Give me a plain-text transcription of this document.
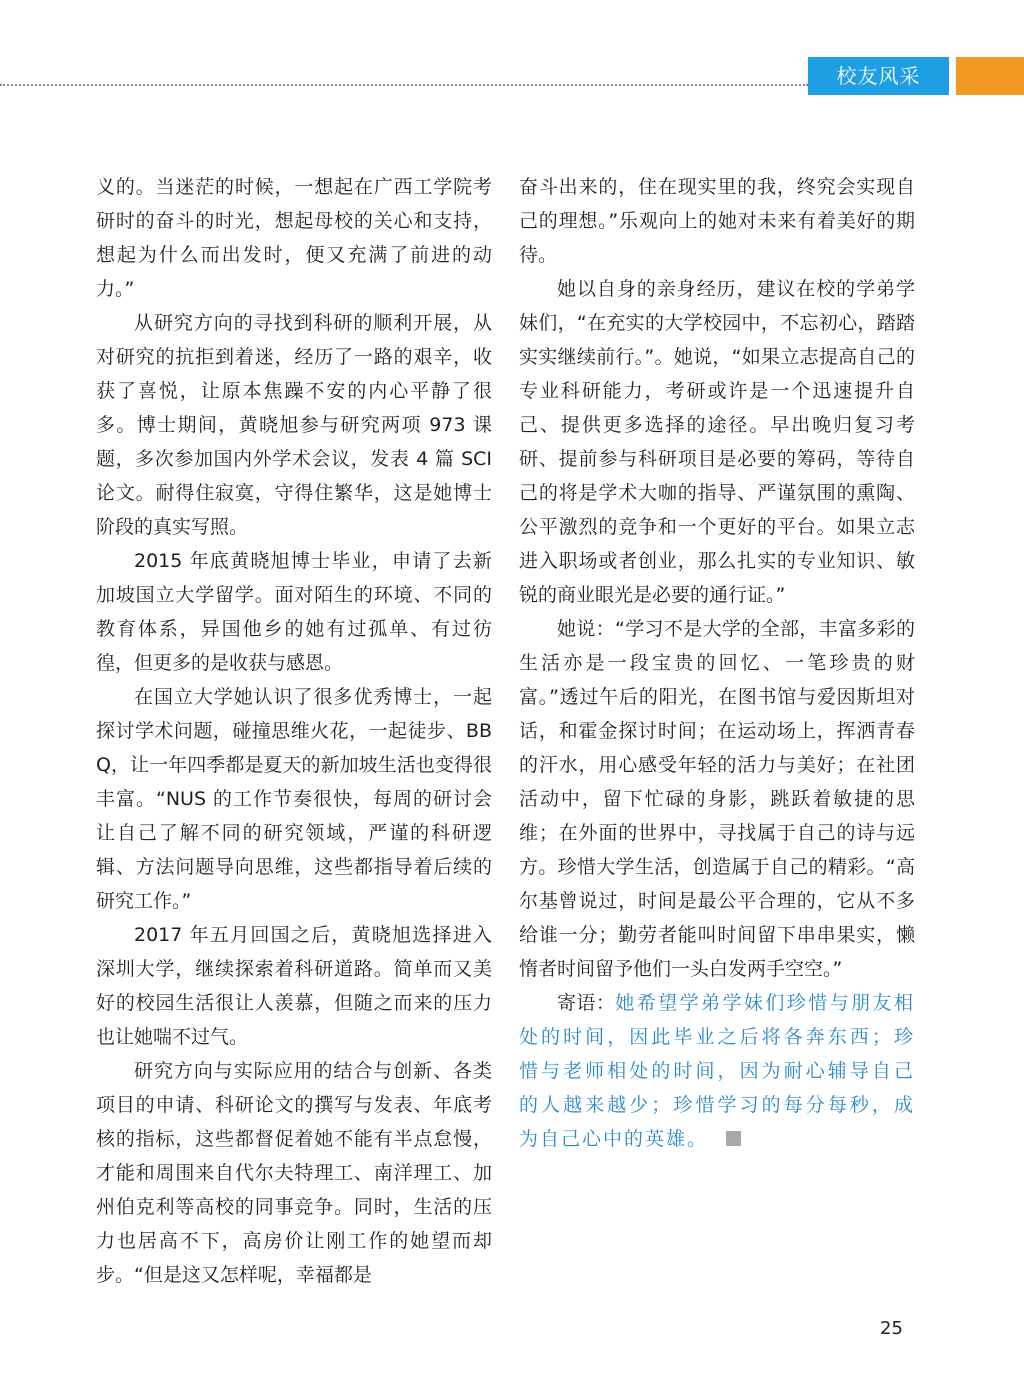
校友风采

义的。当迷茫的时候，一想起在广西工学院考研时的奋斗的时光，想起母校的关心和支持，想起为什么而出发时，便又充满了前进的动力。”

从研究方向的寻找到科研的顺利开展，从对研究的抗拒到着迷，经历了一路的艰辛，收获了喜悦，让原本焦躁不安的内心平静了很多。博士期间，黄晓旭参与研究两项 973 课题，多次参加国内外学术会议，发表 4 篇 SCI 论文。耐得住寂寞，守得住繁华，这是她博士阶段的真实写照。

2015 年底黄晓旭博士毕业，申请了去新加坡国立大学留学。面对陌生的环境、不同的教育体系，异国他乡的她有过孤单、有过彷徨，但更多的是收获与感恩。

在国立大学她认识了很多优秀博士，一起探讨学术问题，碰撞思维火花，一起徒步、BBQ，让一年四季都是夏天的新加坡生活也变得很丰富。“NUS 的工作节奏很快，每周的研讨会让自己了解不同的研究领域，严谨的科研逻辑、方法问题导向思维，这些都指导着后续的研究工作。”

2017 年五月回国之后，黄晓旭选择进入深圳大学，继续探索着科研道路。简单而又美好的校园生活很让人羡慕，但随之而来的压力也让她喘不过气。

研究方向与实际应用的结合与创新、各类项目的申请、科研论文的撰写与发表、年底考核的指标，这些都督促着她不能有半点怠慢，才能和周围来自代尔夫特理工、南洋理工、加州伯克利等高校的同事竞争。同时，生活的压力也居高不下，高房价让刚工作的她望而却步。“但是这又怎样呢，幸福都是

奋斗出来的，住在现实里的我，终究会实现自己的理想。”乐观向上的她对未来有着美好的期待。

她以自身的亲身经历，建议在校的学弟学妹们，“在充实的大学校园中，不忘初心，踏踏实实继续前行。”。她说，“如果立志提高自己的专业科研能力，考研或许是一个迅速提升自己、提供更多选择的途径。早出晚归复习考研、提前参与科研项目是必要的筹码，等待自己的将是学术大咖的指导、严谨氛围的熏陶、公平激烈的竞争和一个更好的平台。如果立志进入职场或者创业，那么扎实的专业知识、敏锐的商业眼光是必要的通行证。”

她说：“学习不是大学的全部，丰富多彩的生活亦是一段宝贵的回忆、一笔珍贵的财富。”透过午后的阳光，在图书馆与爱因斯坦对话，和霍金探讨时间；在运动场上，挥洒青春的汗水，用心感受年轻的活力与美好；在社团活动中，留下忙碌的身影，跳跃着敏捷的思维；在外面的世界中，寻找属于自己的诗与远方。珍惜大学生活，创造属于自己的精彩。“高尔基曾说过，时间是最公平合理的，它从不多给谁一分；勤劳者能叫时间留下串串果实，懒惰者时间留予他们一头白发两手空空。”

寄语：她希望学弟学妹们珍惜与朋友相处的时间，因此毕业之后将各奔东西；珍惜与老师相处的时间，因为耐心辅导自己的人越来越少；珍惜学习的每分每秒，成为自己心中的英雄。

25
